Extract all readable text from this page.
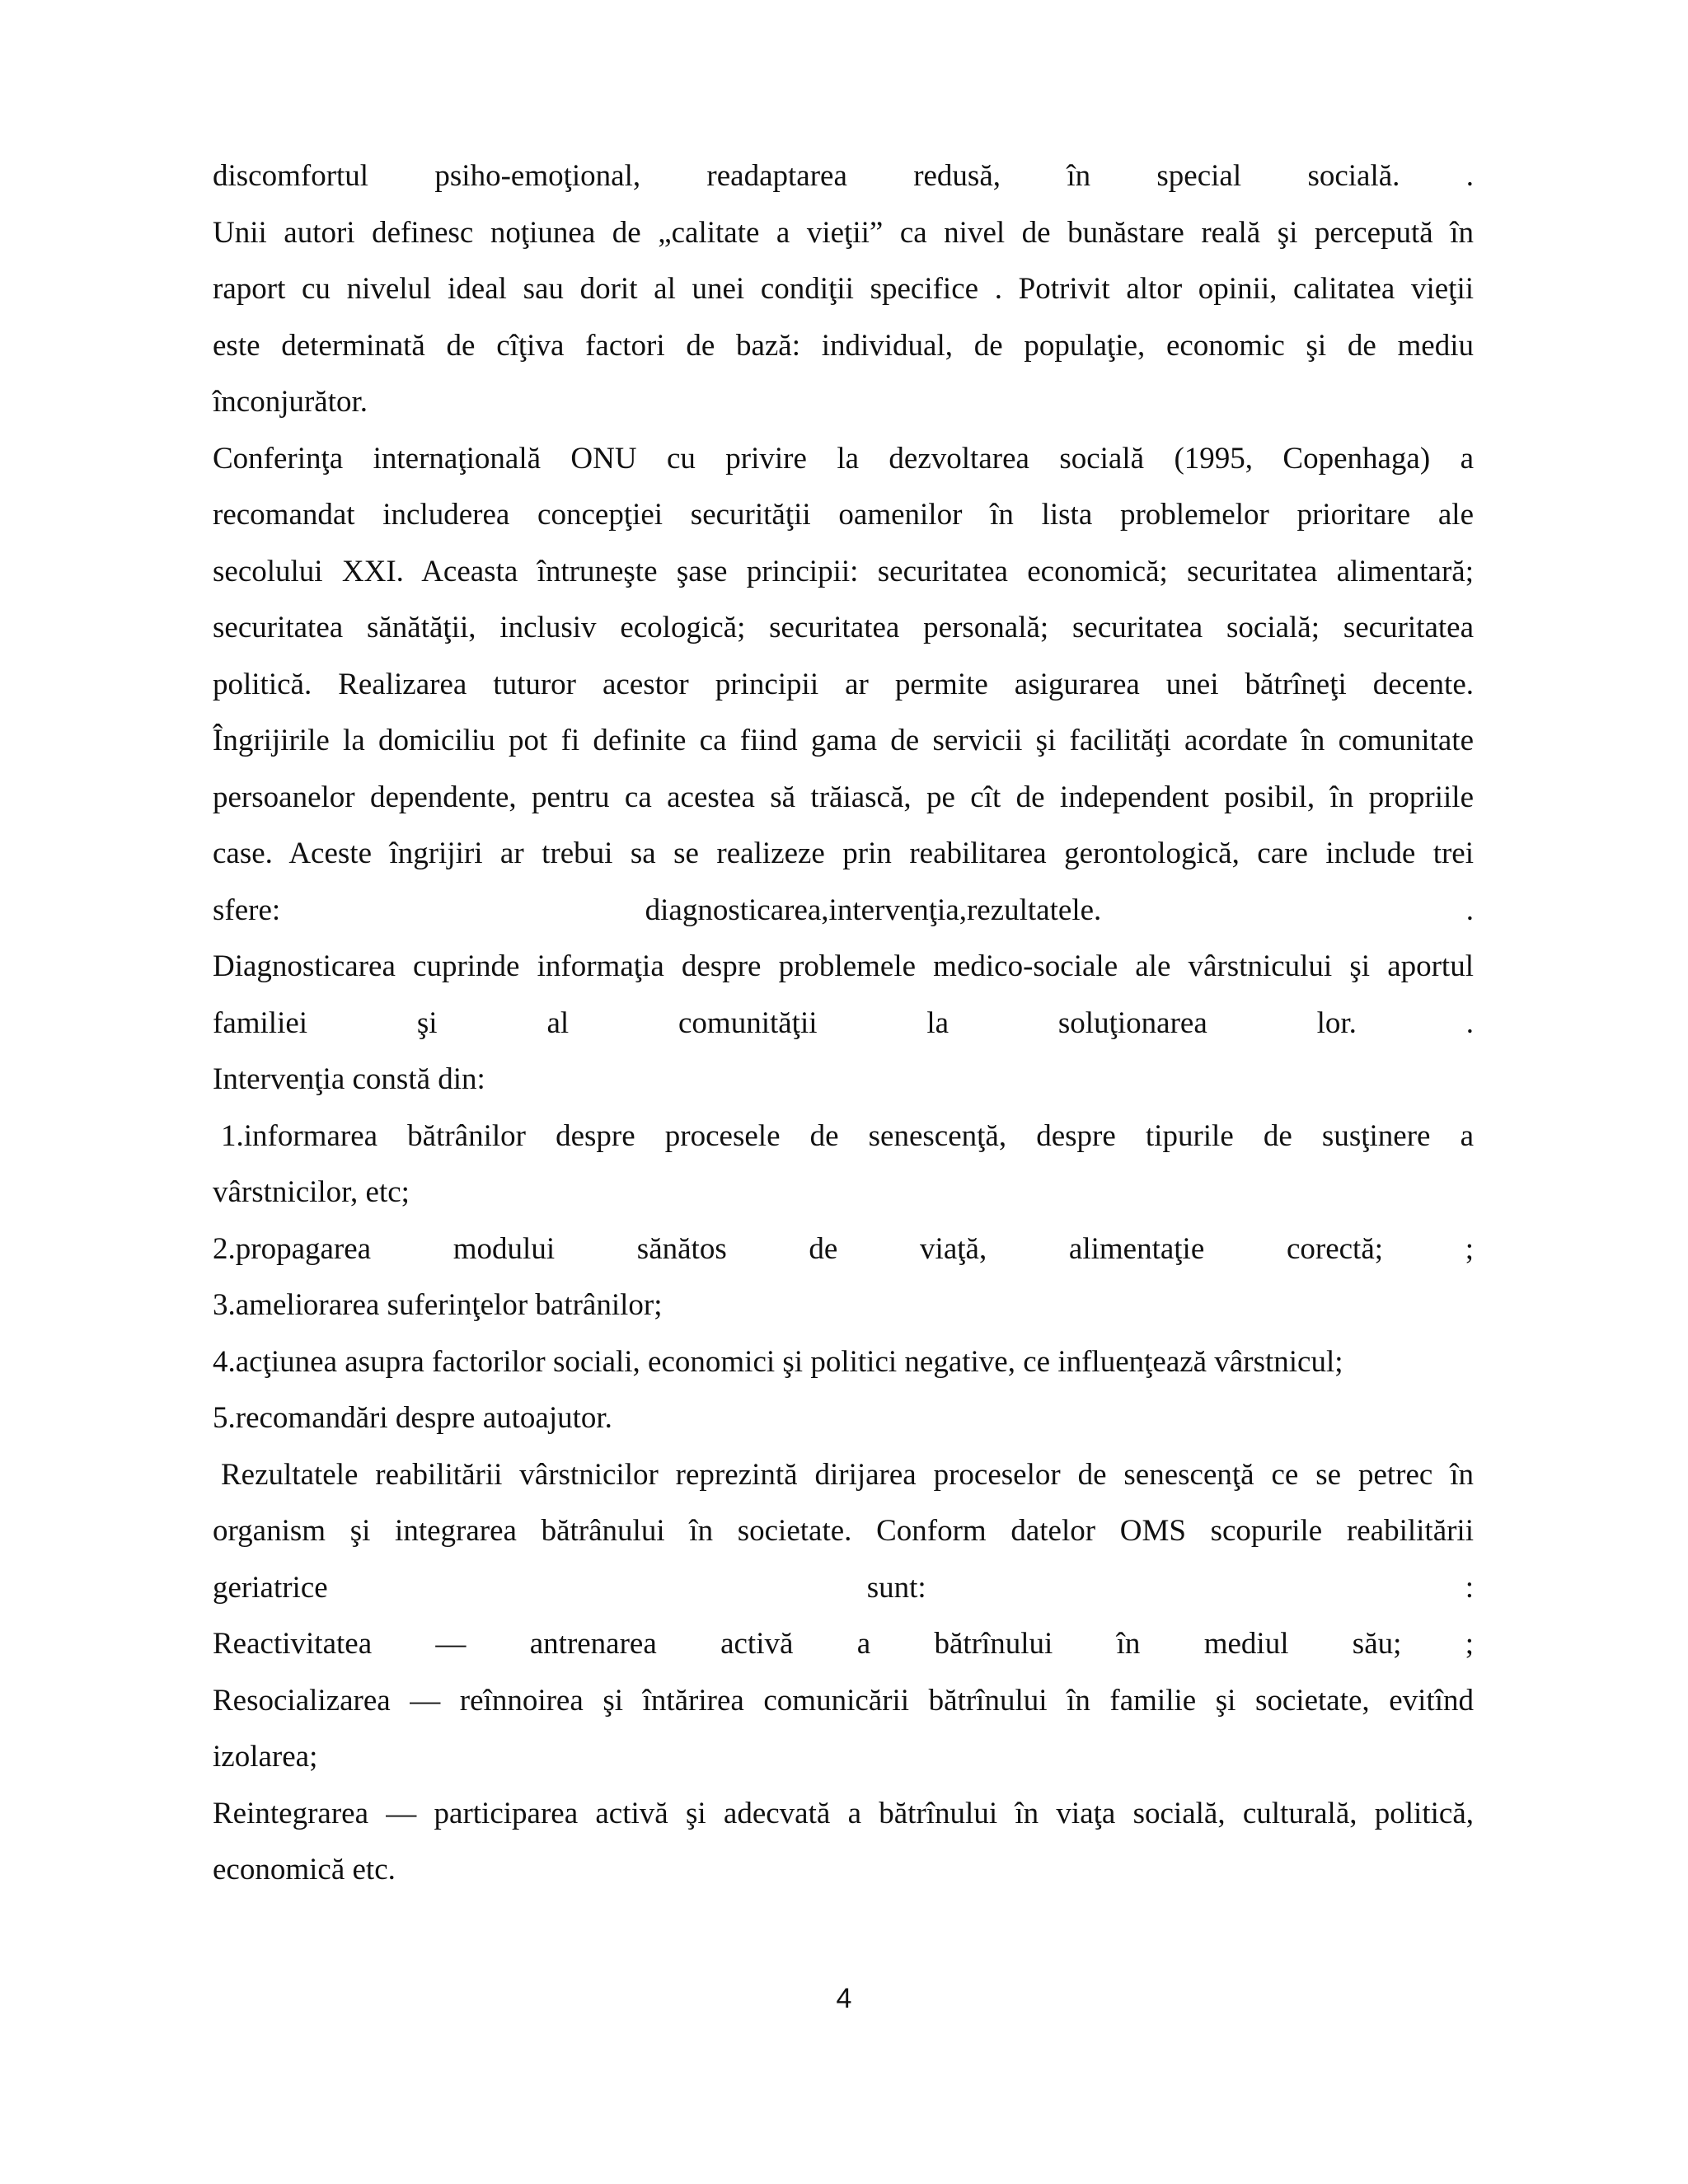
discomfortul psiho-emoţional, readaptarea redusă, în special socială. .
Unii autori definesc noţiunea de „calitate a vieţii” ca nivel de bunăstare reală şi percepută în
raport cu nivelul ideal sau dorit al unei condiţii specifice . Potrivit altor opinii, calitatea vieţii
este determinată de cîţiva factori de bază: individual, de populaţie, economic şi de mediu
înconjurător.
Conferinţa internaţională ONU cu privire la dezvoltarea socială (1995, Copenhaga) a
recomandat includerea concepţiei securităţii oamenilor în lista problemelor prioritare ale
secolului XXI. Aceasta întruneşte şase principii: securitatea economică; securitatea alimentară;
securitatea sănătăţii, inclusiv ecologică; securitatea personală; securitatea socială; securitatea
politică. Realizarea tuturor acestor principii ar permite asigurarea unei bătrîneţi decente.
Îngrijirile la domiciliu pot fi definite ca fiind gama de servicii şi facilităţi acordate în comunitate
persoanelor dependente, pentru ca acestea să trăiască, pe cît de independent posibil, în propriile
case. Aceste îngrijiri ar trebui sa se realizeze prin reabilitarea gerontologică, care include trei
sfere: diagnosticarea,intervenţia,rezultatele. .
Diagnosticarea cuprinde informaţia despre problemele medico-sociale ale vârstnicului şi aportul
familiei şi al comunităţii la soluţionarea lor. .
Intervenţia constă din:
1.informarea bătrânilor despre procesele de senescenţă, despre tipurile de susţinere a
vârstnicilor, etc;
2.propagarea modului sănătos de viaţă, alimentaţie corectă; ;
3.ameliorarea suferinţelor batrânilor;
4.acţiunea asupra factorilor sociali, economici şi politici negative, ce influenţează vârstnicul;
5.recomandări despre autoajutor.
Rezultatele reabilitării vârstnicilor reprezintă dirijarea proceselor de senescenţă ce se petrec în
organism şi integrarea bătrânului în societate. Conform datelor OMS scopurile reabilitării
geriatrice sunt: :
Reactivitatea — antrenarea activă a bătrînului în mediul său; ;
Resocializarea — reînnoirea şi întărirea comunicării bătrînului în familie şi societate, evitînd
izolarea;
Reintegrarea — participarea activă şi adecvată a bătrînului în viaţa socială, culturală, politică,
economică etc.
4
